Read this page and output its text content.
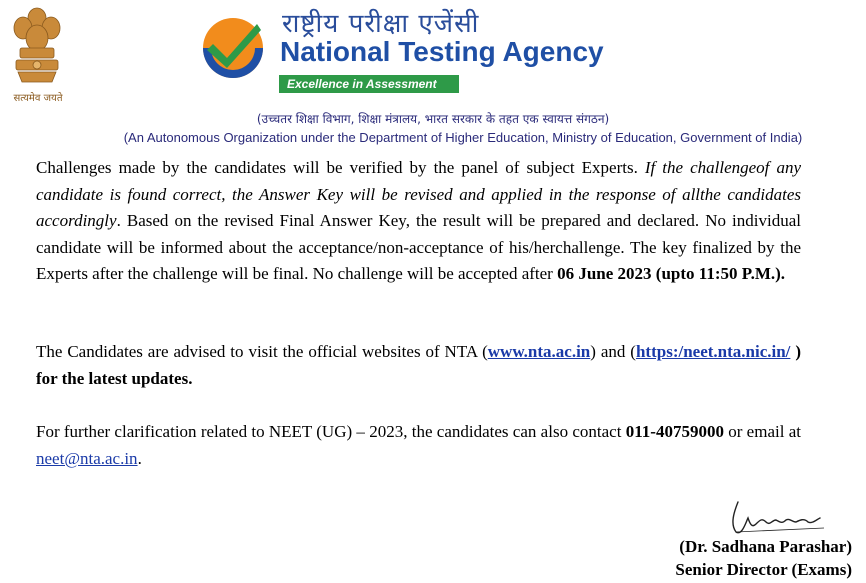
सत्यमेव जयते
राष्ट्रीय परीक्षा एजेंसी
National Testing Agency
Excellence in Assessment
(उच्चतर शिक्षा विभाग, शिक्षा मंत्रालय, भारत सरकार के तहत एक स्वायत्त संगठन)
(An Autonomous Organization under the Department of Higher Education, Ministry of Education, Government of India)
Challenges made by the candidates will be verified by the panel of subject Experts. If the challengeof any candidate is found correct, the Answer Key will be revised and applied in the response of allthe candidates accordingly. Based on the revised Final Answer Key, the result will be prepared and declared. No individual candidate will be informed about the acceptance/non-acceptance of his/herchallenge. The key finalized by the Experts after the challenge will be final. No challenge will be accepted after 06 June 2023 (upto 11:50 P.M.).
The Candidates are advised to visit the official websites of NTA (www.nta.ac.in) and (https:/neet.nta.nic.in/ ) for the latest updates.
For further clarification related to NEET (UG) – 2023, the candidates can also contact 011-40759000 or email at neet@nta.ac.in.
(Dr. Sadhana Parashar)
Senior Director (Exams)
